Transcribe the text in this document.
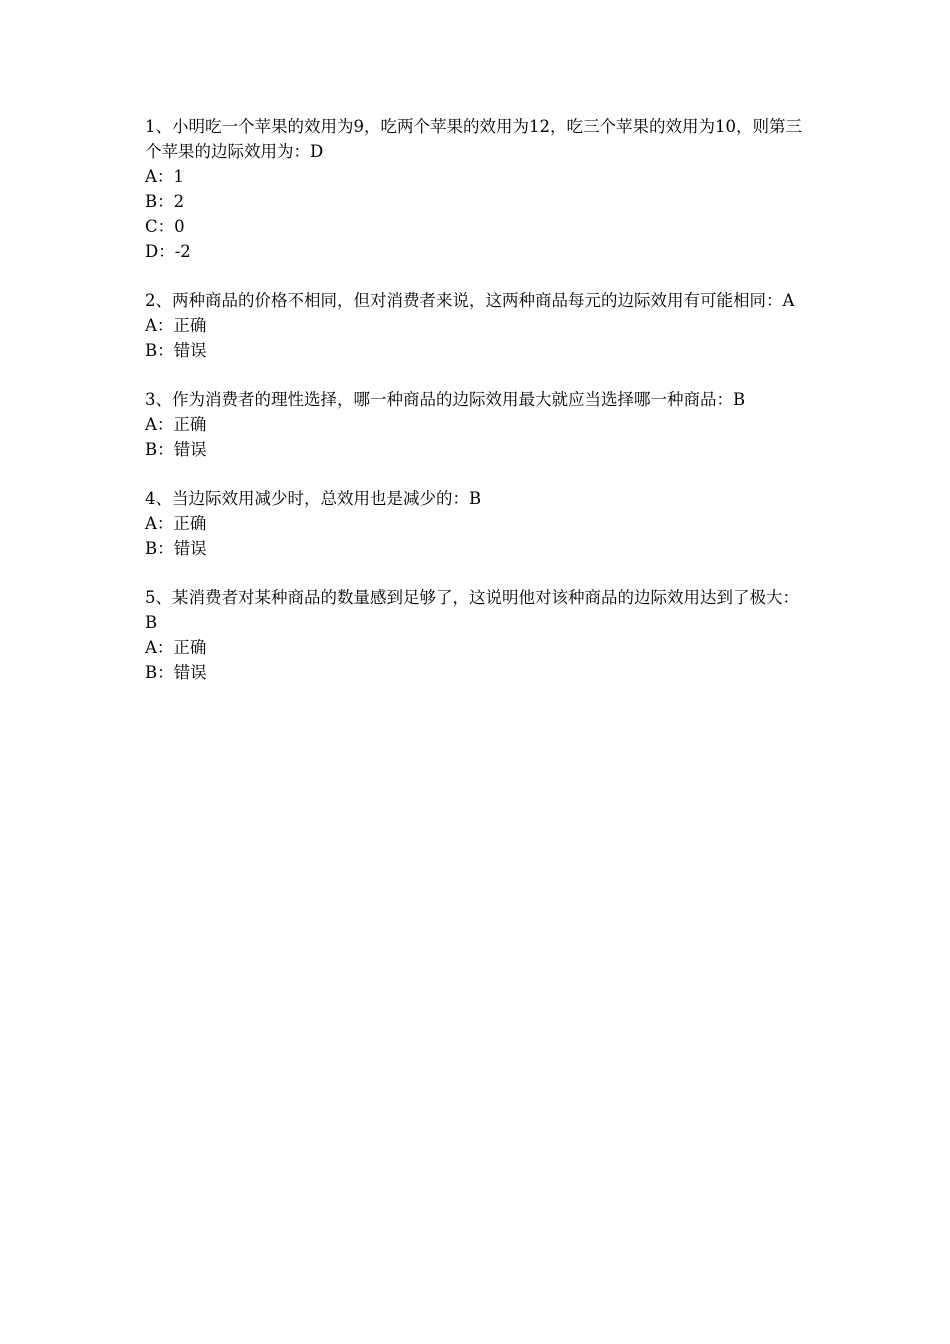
1、小明吃一个苹果的效用为9，吃两个苹果的效用为12，吃三个苹果的效用为10，则第三个苹果的边际效用为：D

A：1

B：2

C：0

D：-2

2、两种商品的价格不相同，但对消费者来说，这两种商品每元的边际效用有可能相同：A

A：正确

B：错误

3、作为消费者的理性选择，哪一种商品的边际效用最大就应当选择哪一种商品：B

A：正确

B：错误

4、当边际效用减少时，总效用也是减少的：B

A：正确

B：错误

5、某消费者对某种商品的数量感到足够了，这说明他对该种商品的边际效用达到了极大：B

A：正确

B：错误
